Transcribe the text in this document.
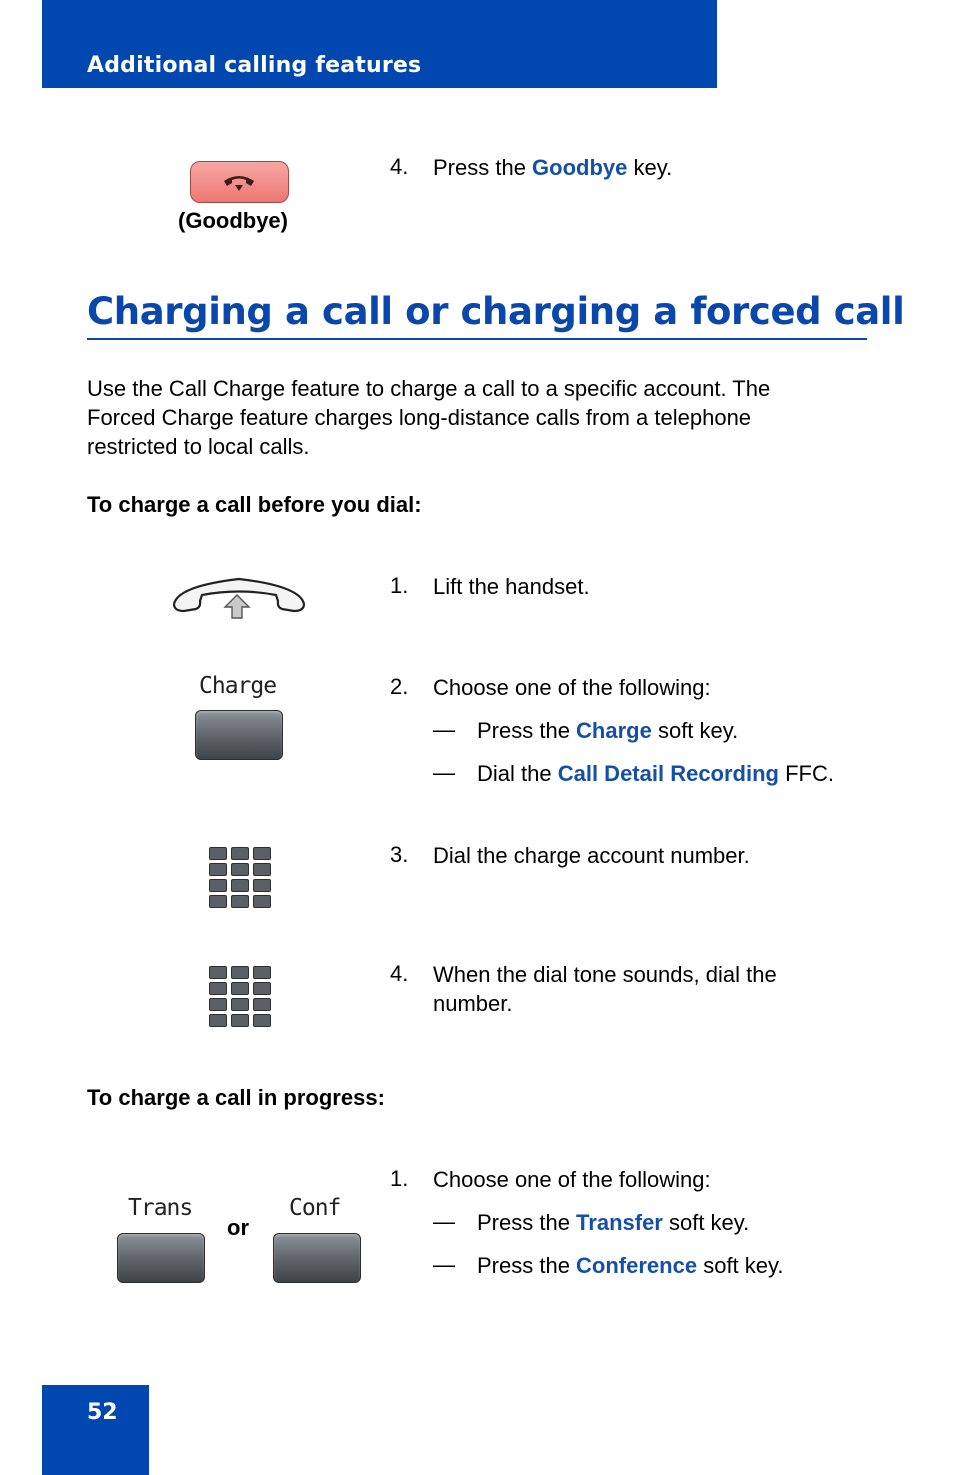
Additional calling features
(Goodbye)
4. Press the Goodbye key.
Charging a call or charging a forced call
Use the Call Charge feature to charge a call to a specific account. The
Forced Charge feature charges long-distance calls from a telephone
restricted to local calls.
To charge a call before you dial:
1. Lift the handset.
Charge	2. Choose one of the following:
— Press the Charge soft key.
— Dial the Call Detail Recording FFC.
3. Dial the charge account number.
4. When the dial tone sounds, dial the
number.
To charge a call in progress:
Trans
or
Conf
1. Choose one of the following:
— Press the Transfer soft key.
— Press the Conference soft key.
52
